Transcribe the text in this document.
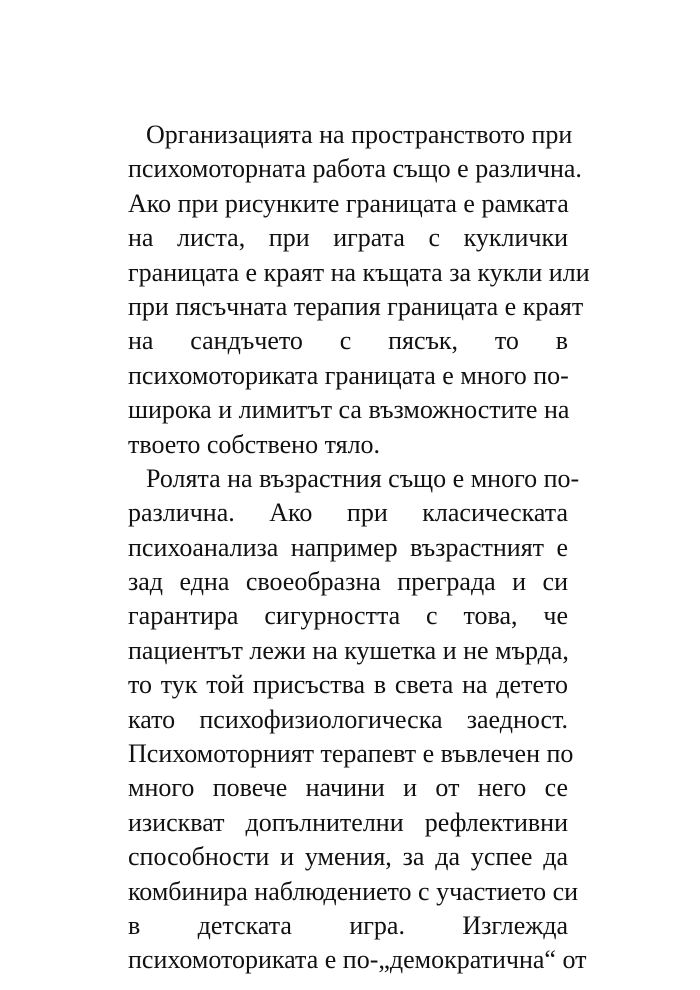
Организацията на пространството при
психомоторната работа също е различна.
Ако при рисунките границата е рамката
на листа, при играта с куклички
границата е краят на къщата за кукли или
при пясъчната терапия границата е краят
на сандъчето с пясък, то в
психомоториката границата е много по-
широка и лимитът са възможностите на
твоето собствено тяло.
Ролята на възрастния също е много по-
различна. Ако при класическата
психоанализа например възрастният е
зад една своеобразна преграда и си
гарантира сигурността с това, че
пациентът лежи на кушетка и не мърда,
то тук той присъства в света на детето
като психофизиологическа заедност.
Психомоторният терапевт е въвлечен по
много повече начини и от него се
изискват допълнителни рефлективни
способности и умения, за да успее да
комбинира наблюдението с участието си
в детската игра. Изглежда
психомоториката е по-„демократична“ от
